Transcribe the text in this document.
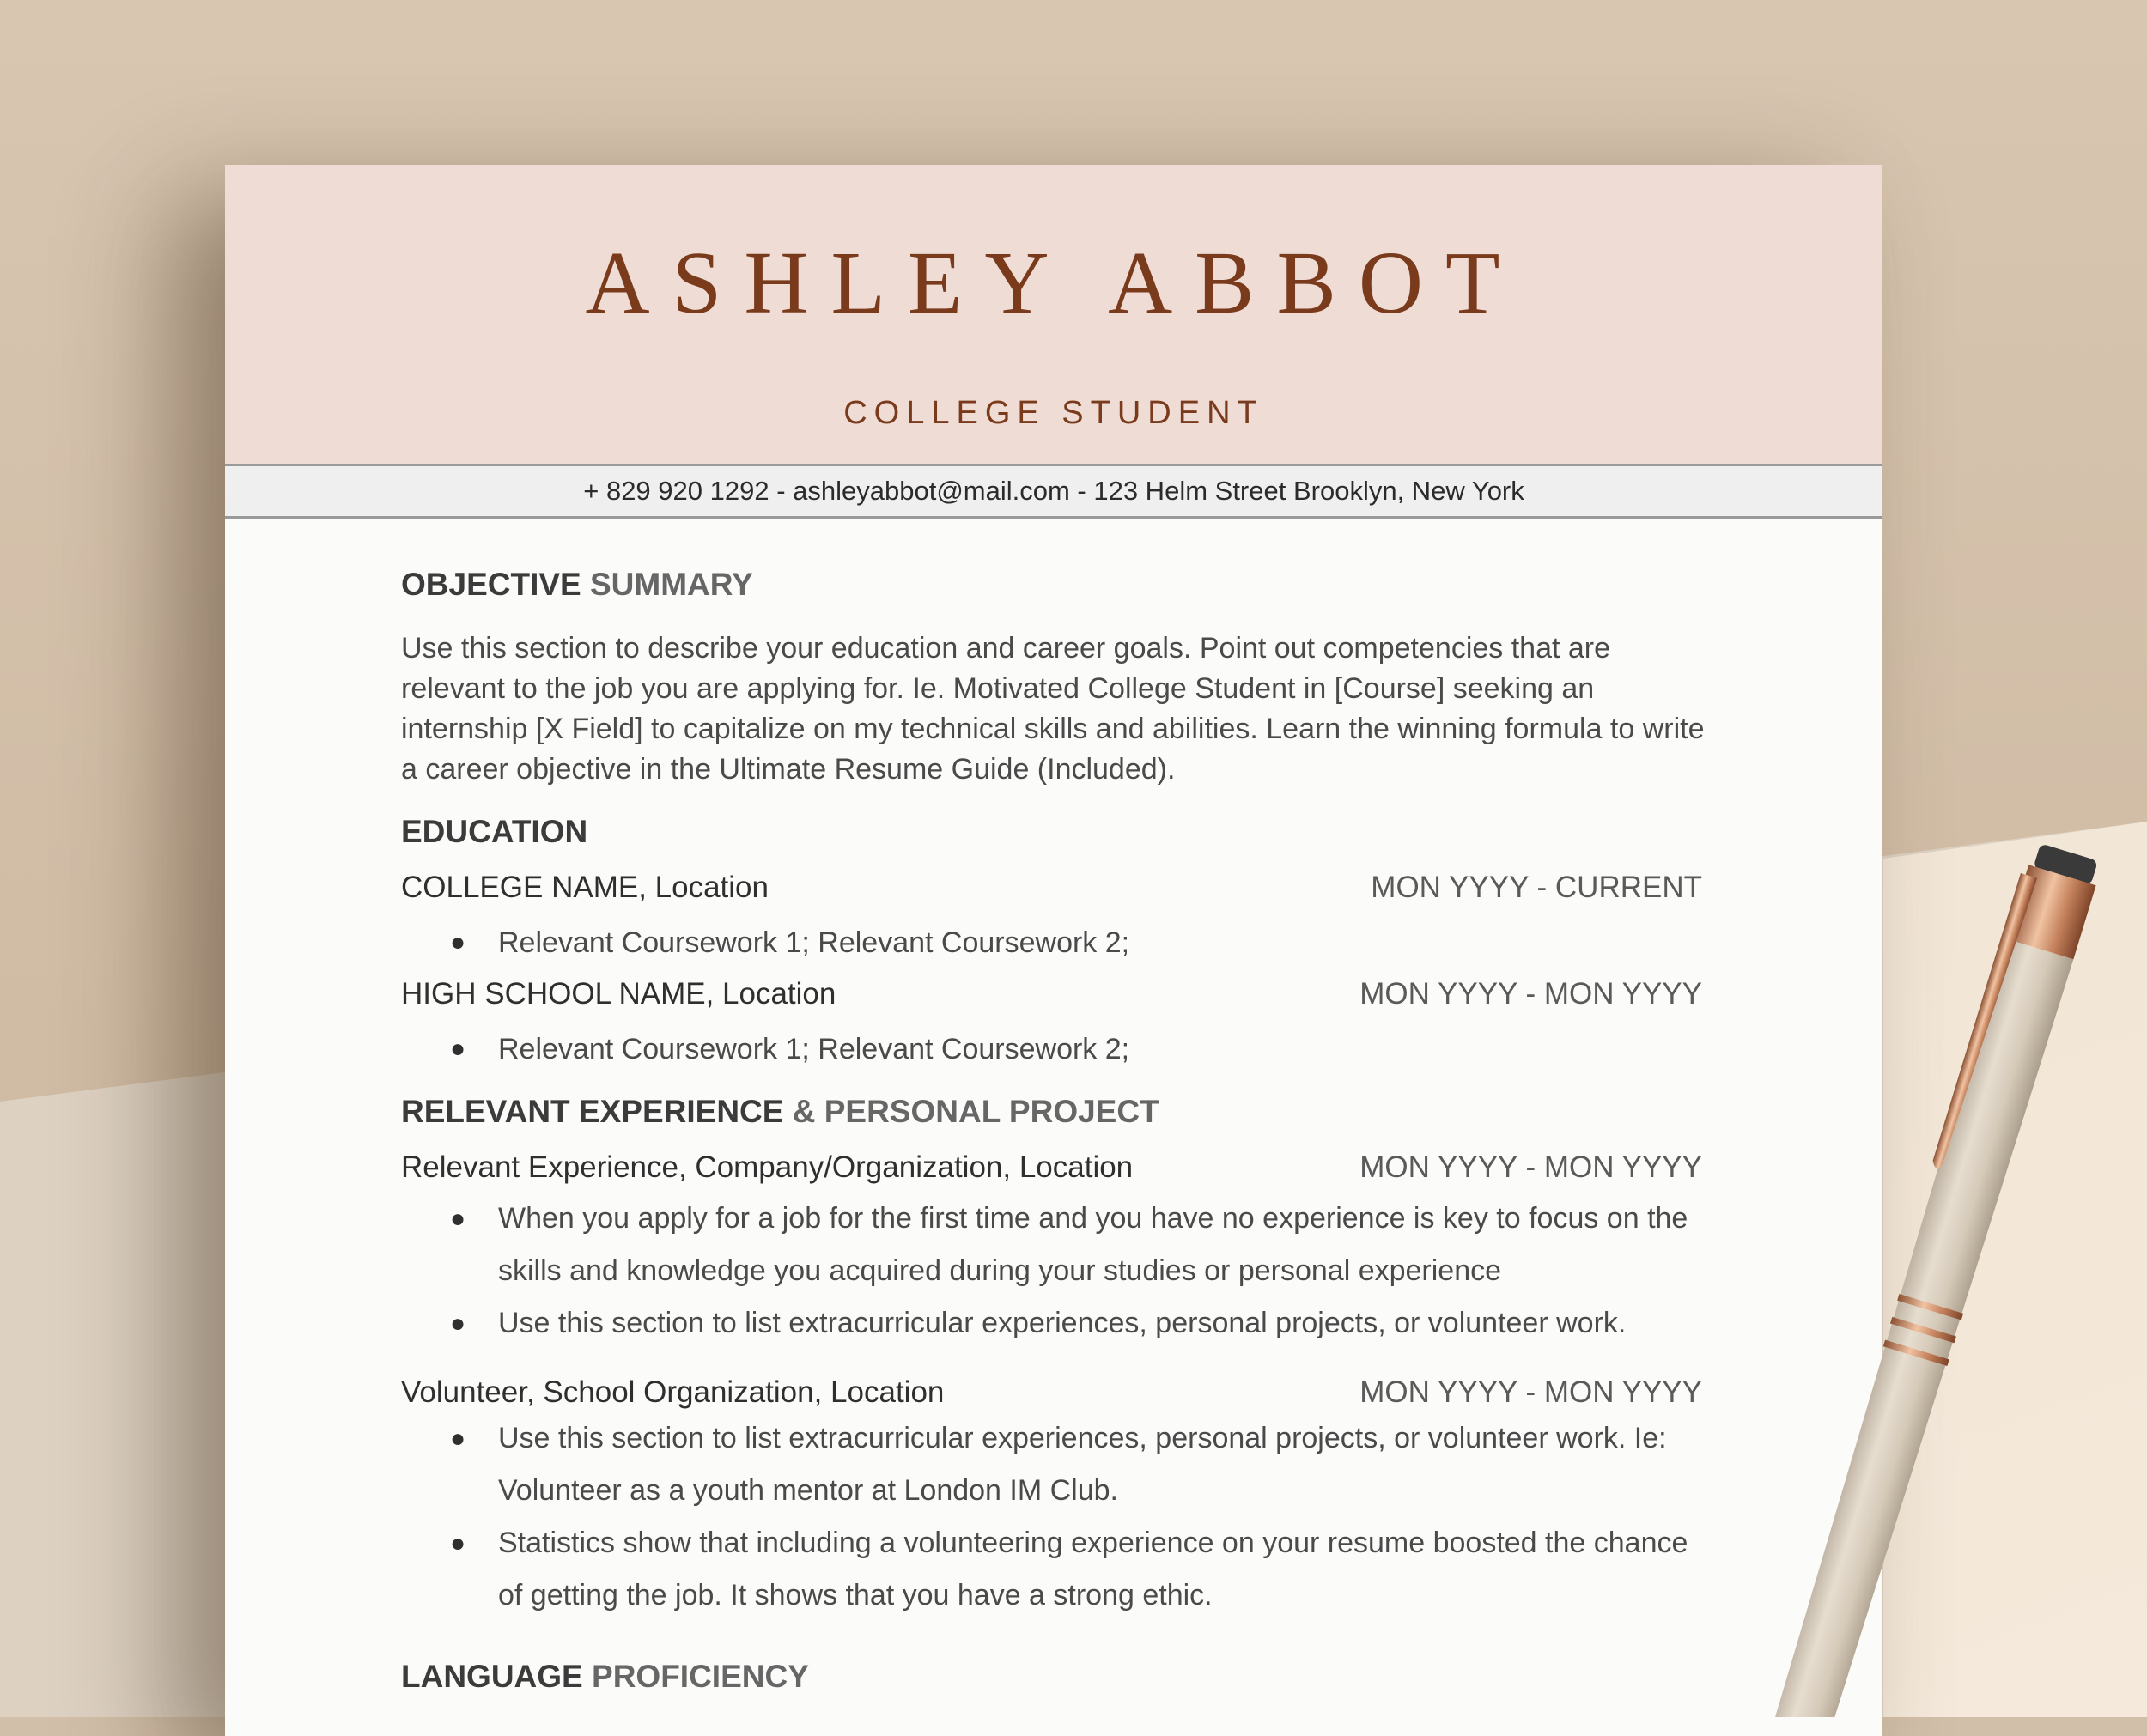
ASHLEY ABBOT
COLLEGE STUDENT
+ 829 920 1292 - ashleyabbot@mail.com - 123 Helm Street Brooklyn, New York
OBJECTIVE SUMMARY
Use this section to describe your education and career goals. Point out competencies that are relevant to the job you are applying for. Ie. Motivated College Student in [Course] seeking an internship [X Field] to capitalize on my technical skills and abilities. Learn the winning formula to write a career objective in the Ultimate Resume Guide (Included).
EDUCATION
COLLEGE NAME, Location	MON YYYY - CURRENT
● Relevant Coursework 1; Relevant Coursework 2;
HIGH SCHOOL NAME, Location	MON YYYY - MON YYYY
● Relevant Coursework 1; Relevant Coursework 2;
RELEVANT EXPERIENCE & PERSONAL PROJECT
Relevant Experience, Company/Organization, Location	MON YYYY - MON YYYY
● When you apply for a job for the first time and you have no experience is key to focus on the skills and knowledge you acquired during your studies or personal experience
● Use this section to list extracurricular experiences, personal projects, or volunteer work.
Volunteer, School Organization, Location	MON YYYY - MON YYYY
● Use this section to list extracurricular experiences, personal projects, or volunteer work. Ie: Volunteer as a youth mentor at London IM Club.
● Statistics show that including a volunteering experience on your resume boosted the chance of getting the job. It shows that you have a strong ethic.
LANGUAGE PROFICIENCY
